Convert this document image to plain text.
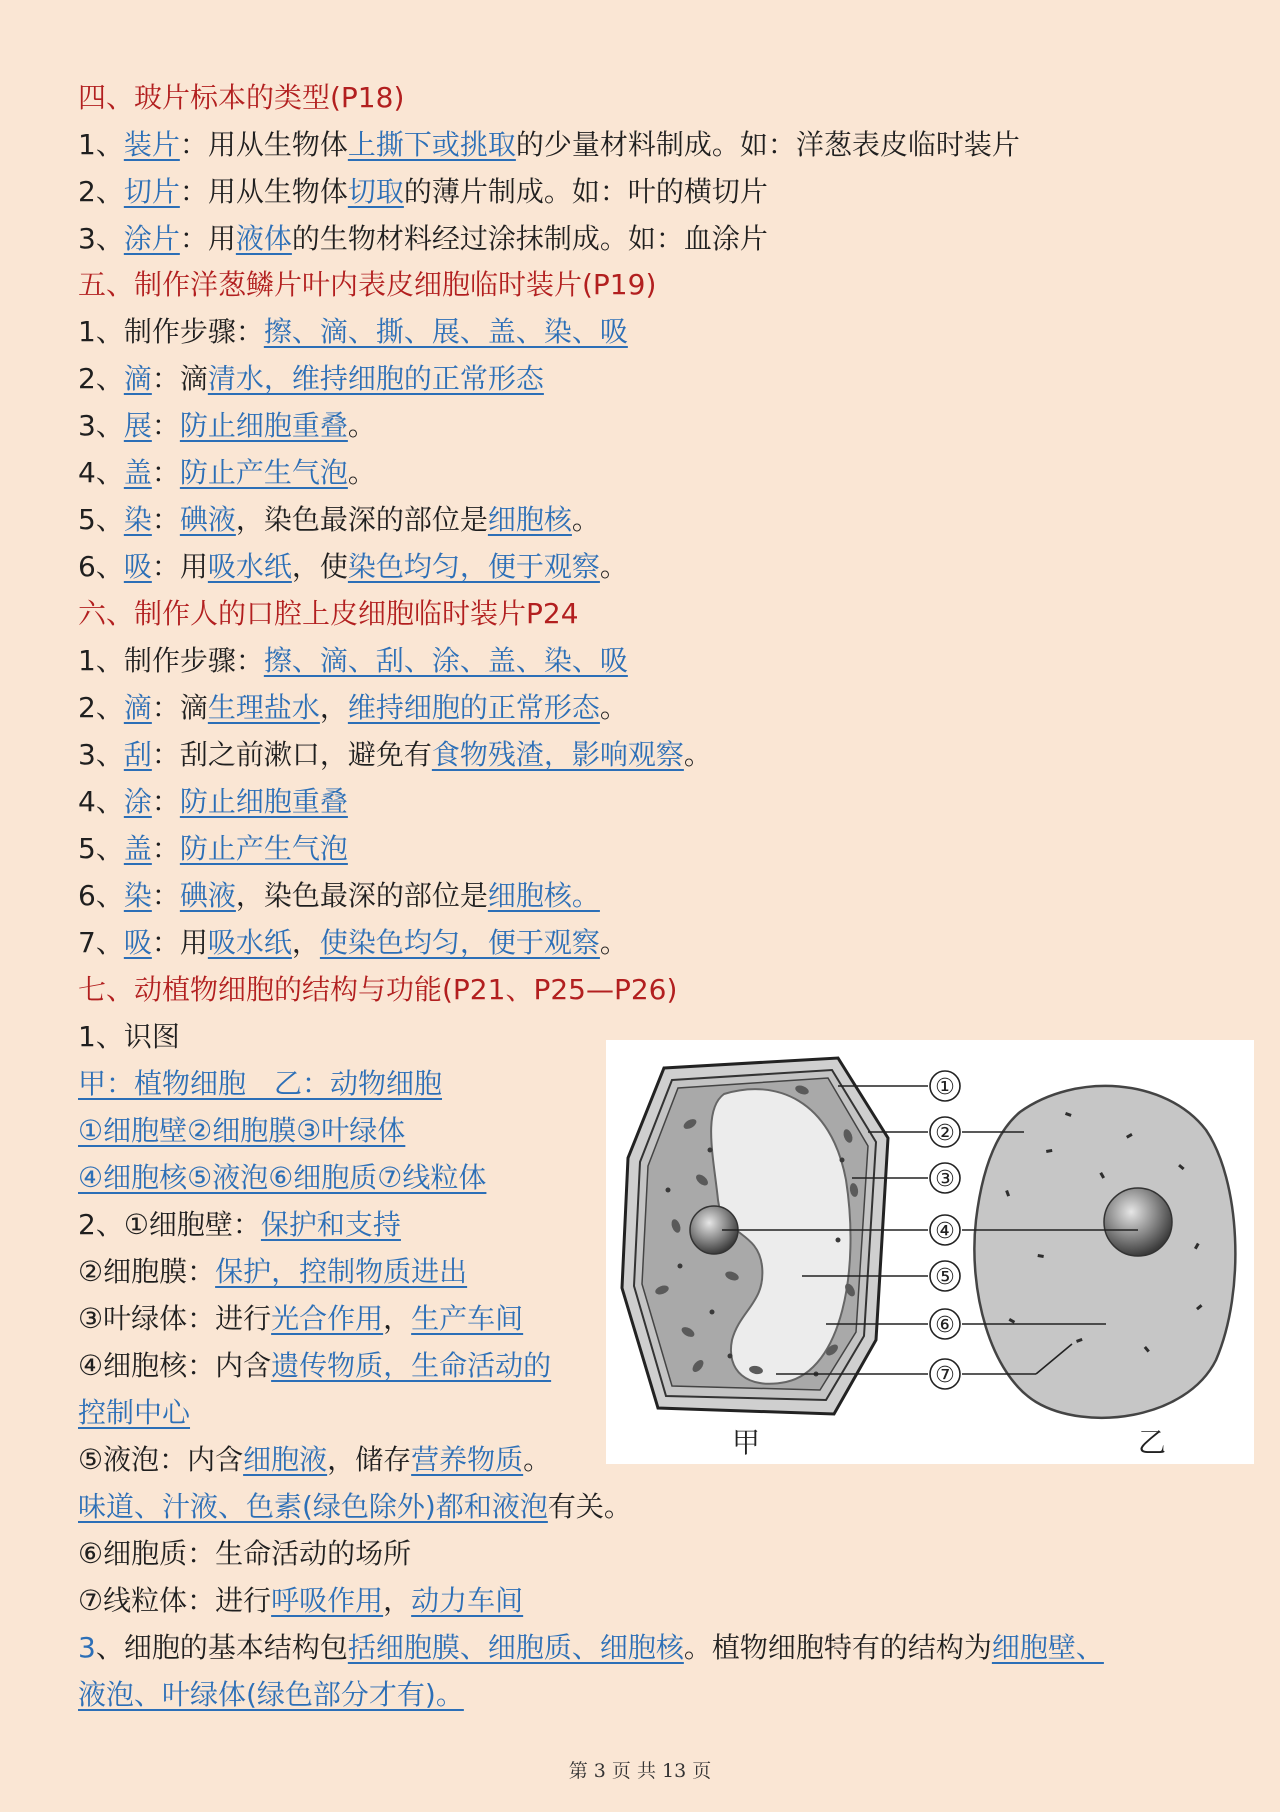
四、玻片标本的类型(P18)
1、装片：用从生物体上撕下或挑取的少量材料制成。如：洋葱表皮临时装片
2、切片：用从生物体切取的薄片制成。如：叶的横切片
3、涂片：用液体的生物材料经过涂抹制成。如：血涂片
五、制作洋葱鳞片叶内表皮细胞临时装片(P19)
1、制作步骤：擦、滴、撕、展、盖、染、吸
2、滴：滴清水，维持细胞的正常形态
3、展：防止细胞重叠。
4、盖：防止产生气泡。
5、染：碘液，染色最深的部位是细胞核。
6、吸：用吸水纸，使染色均匀，便于观察。
六、制作人的口腔上皮细胞临时装片P24
1、制作步骤：擦、滴、刮、涂、盖、染、吸
2、滴：滴生理盐水，维持细胞的正常形态。
3、刮：刮之前漱口，避免有食物残渣，影响观察。
4、涂：防止细胞重叠
5、盖：防止产生气泡
6、染：碘液，染色最深的部位是细胞核。
7、吸：用吸水纸，使染色均匀，便于观察。
七、动植物细胞的结构与功能(P21、P25—P26)
1、识图
甲：植物细胞　乙：动物细胞
①细胞壁②细胞膜③叶绿体
④细胞核⑤液泡⑥细胞质⑦线粒体
2、①细胞壁：保护和支持
②细胞膜：保护，控制物质进出
③叶绿体：进行光合作用，生产车间
④细胞核：内含遗传物质，生命活动的
控制中心
⑤液泡：内含细胞液，储存营养物质。
味道、汁液、色素(绿色除外)都和液泡有关。
⑥细胞质：生命活动的场所
⑦线粒体：进行呼吸作用，动力车间
3、细胞的基本结构包括细胞膜、细胞质、细胞核。植物细胞特有的结构为细胞壁、
液泡、叶绿体(绿色部分才有)。
①
②
③
④
⑤
⑥
⑦
甲	乙
第 3 页 共 13 页
